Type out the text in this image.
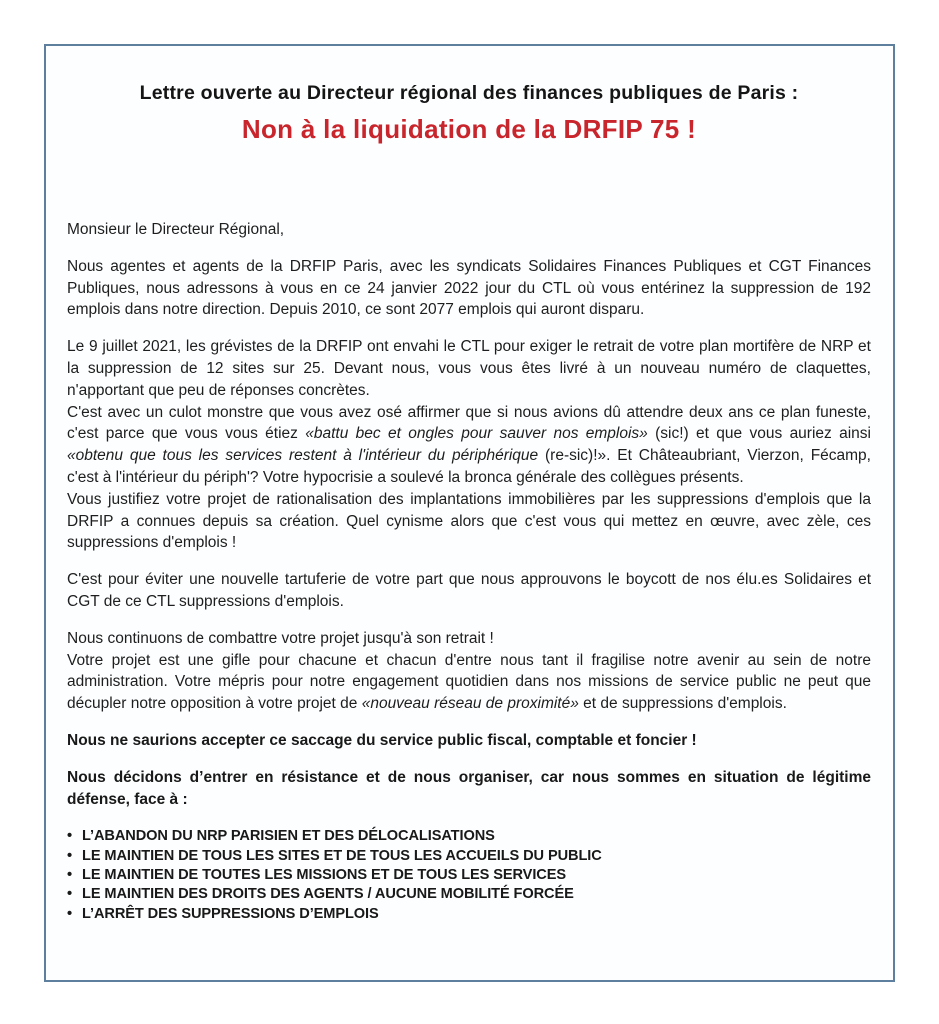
Lettre ouverte au Directeur régional des finances publiques de Paris :
Non à la liquidation de la DRFIP 75 !
Monsieur le Directeur Régional,

Nous agentes et agents de la DRFIP Paris, avec les syndicats Solidaires Finances Publiques et CGT Finances Publiques, nous adressons à vous en ce 24 janvier 2022 jour du CTL où vous entérinez la suppression de 192 emplois dans notre direction. Depuis 2010, ce sont 2077 emplois qui auront disparu.

Le 9 juillet 2021, les grévistes de la DRFIP ont envahi le CTL pour exiger le retrait de votre plan mortifère de NRP et la suppression de 12 sites sur 25. Devant nous, vous vous êtes livré à un nouveau numéro de claquettes, n'apportant que peu de réponses concrètes.

C'est avec un culot monstre que vous avez osé affirmer que si nous avions dû attendre deux ans ce plan funeste, c'est parce que vous vous étiez «battu bec et ongles pour sauver nos emplois» (sic!) et que vous auriez ainsi «obtenu que tous les services restent à l'intérieur du périphérique (re-sic)!». Et Châteaubriant, Vierzon, Fécamp, c'est à l'intérieur du périph'? Votre hypocrisie a soulevé la bronca générale des collègues présents.

Vous justifiez votre projet de rationalisation des implantations immobilières par les suppressions d'emplois que la DRFIP a connues depuis sa création. Quel cynisme alors que c'est vous qui mettez en œuvre, avec zèle, ces suppressions d'emplois !

C'est pour éviter une nouvelle tartuferie de votre part que nous approuvons le boycott de nos élu.es Solidaires et CGT de ce CTL suppressions d'emplois.

Nous continuons de combattre votre projet jusqu'à son retrait !

Votre projet est une gifle pour chacune et chacun d'entre nous tant il fragilise notre avenir au sein de notre administration. Votre mépris pour notre engagement quotidien dans nos missions de service public ne peut que décupler notre opposition à votre projet de «nouveau réseau de proximité» et de suppressions d'emplois.

Nous ne saurions accepter ce saccage du service public fiscal, comptable et foncier !

Nous décidons d’entrer en résistance et de nous organiser, car nous sommes en situation de légitime défense, face à :

• L’ABANDON DU NRP PARISIEN ET DES DÉLOCALISATIONS
• LE MAINTIEN DE TOUS LES SITES ET DE TOUS LES ACCUEILS DU PUBLIC
• LE MAINTIEN DE TOUTES LES MISSIONS ET DE TOUS LES SERVICES
• LE MAINTIEN DES DROITS DES AGENTS / AUCUNE MOBILITÉ FORCÉE
• L’ARRÊT DES SUPPRESSIONS D’EMPLOIS
